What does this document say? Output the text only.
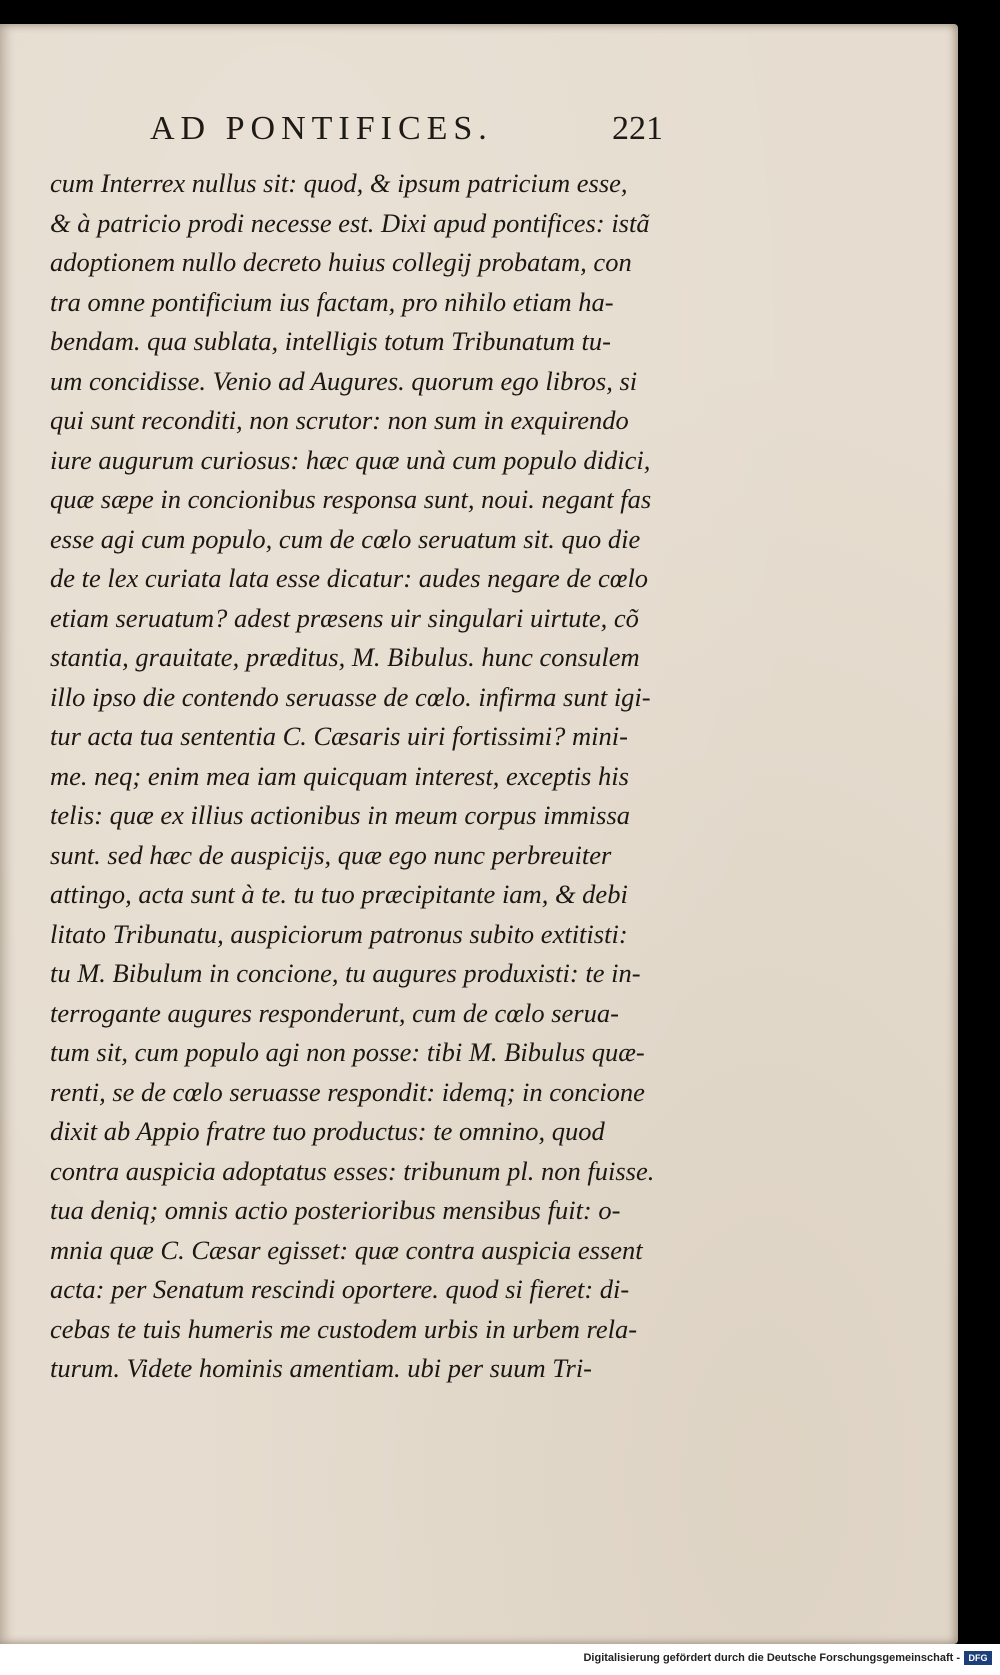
AD PONTIFICES.	221
cum Interrex nullus sit: quod, & ipsum patricium esse,
& à patricio prodi necesse est. Dixi apud pontifices: istã
adoptionem nullo decreto huius collegij probatam, con
tra omne pontificium ius factam, pro nihilo etiam ha-
bendam. qua sublata, intelligis totum Tribunatum tu-
um concidisse. Venio ad Augures. quorum ego libros, si
qui sunt reconditi, non scrutor: non sum in exquirendo
iure augurum curiosus: hæc quæ unà cum populo didici,
quæ sæpe in concionibus responsa sunt, noui. negant fas
esse agi cum populo, cum de cœlo seruatum sit. quo die
de te lex curiata lata esse dicatur: audes negare de cœlo
etiam seruatum? adest præsens uir singulari uirtute, cõ
stantia, grauitate, præditus, M. Bibulus. hunc consulem
illo ipso die contendo seruasse de cœlo. infirma sunt igi-
tur acta tua sententia C. Cæsaris uiri fortissimi? mini-
me. neq; enim mea iam quicquam interest, exceptis his
telis: quæ ex illius actionibus in meum corpus immissa
sunt. sed hæc de auspicijs, quæ ego nunc perbreuiter
attingo, acta sunt à te. tu tuo præcipitante iam, & debi
litato Tribunatu, auspiciorum patronus subito extitisti:
tu M. Bibulum in concione, tu augures produxisti: te in-
terrogante augures responderunt, cum de cœlo serua-
tum sit, cum populo agi non posse: tibi M. Bibulus quæ-
renti, se de cœlo seruasse respondit: idemq; in concione
dixit ab Appio fratre tuo productus: te omnino, quod
contra auspicia adoptatus esses: tribunum pl. non fuisse.
tua deniq; omnis actio posterioribus mensibus fuit: o-
mnia quæ C. Cæsar egisset: quæ contra auspicia essent
acta: per Senatum rescindi oportere. quod si fieret: di-
cebas te tuis humeris me custodem urbis in urbem rela-
turum. Videte hominis amentiam. ubi per suum Tri-
Digitalisierung gefördert durch die Deutsche Forschungsgemeinschaft - DFG
